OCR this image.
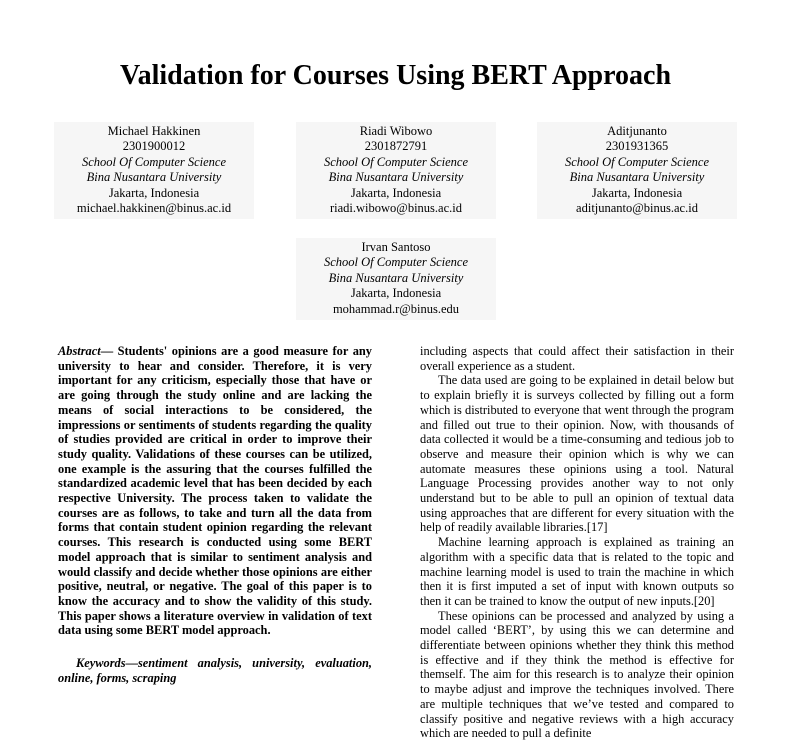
Validation for Courses Using BERT Approach
Michael Hakkinen
2301900012
School Of Computer Science
Bina Nusantara University
Jakarta, Indonesia
michael.hakkinen@binus.ac.id
Riadi Wibowo
2301872791
School Of Computer Science
Bina Nusantara University
Jakarta, Indonesia
riadi.wibowo@binus.ac.id
Aditjunanto
2301931365
School Of Computer Science
Bina Nusantara University
Jakarta, Indonesia
aditjunanto@binus.ac.id
Irvan Santoso
School Of Computer Science
Bina Nusantara University
Jakarta, Indonesia
mohammad.r@binus.edu

Abstract— Students' opinions are a good measure for any university to hear and consider. Therefore, it is very important for any criticism, especially those that have or are going through the study online and are lacking the means of social interactions to be considered, the impressions or sentiments of students regarding the quality of studies provided are critical in order to improve their study quality. Validations of these courses can be utilized, one example is the assuring that the courses fulfilled the standardized academic level that has been decided by each respective University. The process taken to validate the courses are as follows, to take and turn all the data from forms that contain student opinion regarding the relevant courses. This research is conducted using some BERT model approach that is similar to sentiment analysis and would classify and decide whether those opinions are either positive, neutral, or negative. The goal of this paper is to know the accuracy and to show the validity of this study. This paper shows a literature overview in validation of text data using some BERT model approach.

Keywords—sentiment analysis, university, evaluation, online, forms, scraping

including aspects that could affect their satisfaction in their overall experience as a student.

The data used are going to be explained in detail below but to explain briefly it is surveys collected by filling out a form which is distributed to everyone that went through the program and filled out true to their opinion. Now, with thousands of data collected it would be a time-consuming and tedious job to observe and measure their opinion which is why we can automate measures these opinions using a tool. Natural Language Processing provides another way to not only understand but to be able to pull an opinion of textual data using approaches that are different for every situation with the help of readily available libraries.[17]

Machine learning approach is explained as training an algorithm with a specific data that is related to the topic and machine learning model is used to train the machine in which then it is first imputed a set of input with known outputs so then it can be trained to know the output of new inputs.[20]

These opinions can be processed and analyzed by using a model called ‘BERT’, by using this we can determine and differentiate between opinions whether they think this method is effective and if they think the method is effective for themself. The aim for this research is to analyze their opinion to maybe adjust and improve the techniques involved. There are multiple techniques that we’ve tested and compared to classify positive and negative reviews with a high accuracy which are needed to pull a definite
